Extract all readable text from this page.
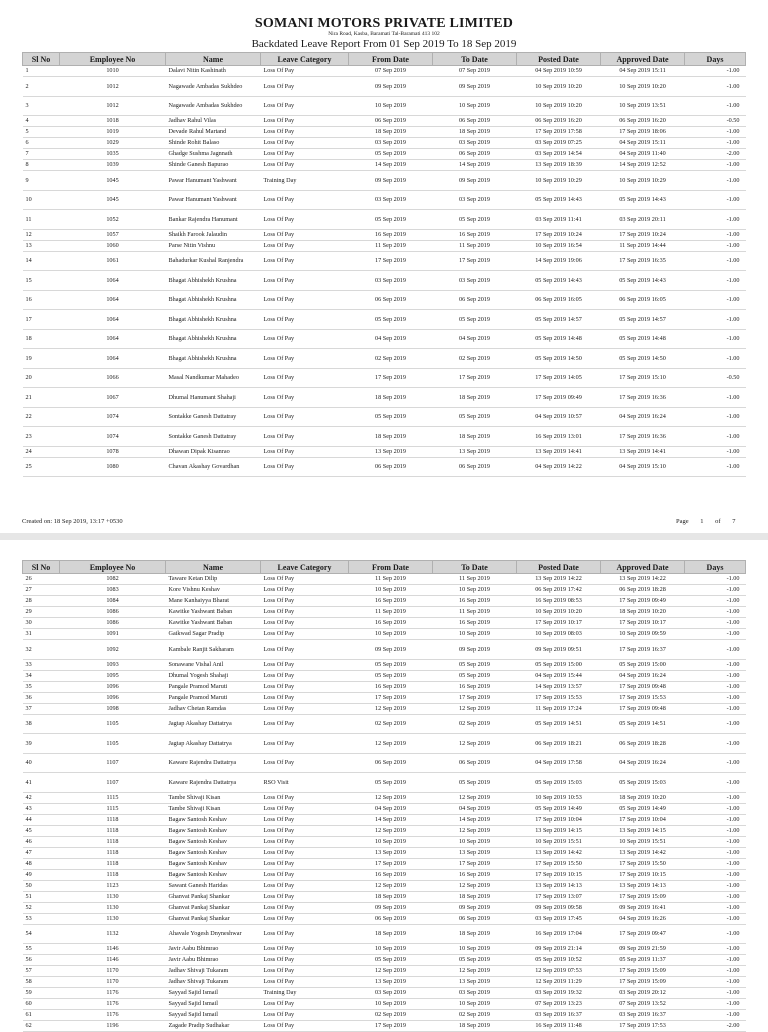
SOMANI MOTORS PRIVATE LIMITED
Nira Road, Kasba, Baramati Tal-Baramati 413 102
Backdated Leave Report From 01 Sep 2019 To 18 Sep 2019
Sl No	Employee No	Name	Leave Category	From Date	To Date	Posted Date	Approved Date	Days
1	1010	Dalavi Nitin Kashinath	Loss Of Pay	07 Sep 2019	07 Sep 2019	04 Sep 2019 10:59	04 Sep 2019 15:11	-1.00
2	1012	Nagawade Ambadas Sukhdeo	Loss Of Pay	09 Sep 2019	09 Sep 2019	10 Sep 2019 10:20	10 Sep 2019 10:20	-1.00
3	1012	Nagawade Ambadas Sukhdeo	Loss Of Pay	10 Sep 2019	10 Sep 2019	10 Sep 2019 10:20	10 Sep 2019 13:51	-1.00
4	1018	Jadhav Rahul Vilas	Loss Of Pay	06 Sep 2019	06 Sep 2019	06 Sep 2019 16:20	06 Sep 2019 16:20	-0.50
5	1019	Devade Rahul Martand	Loss Of Pay	18 Sep 2019	18 Sep 2019	17 Sep 2019 17:58	17 Sep 2019 18:06	-1.00
6	1029	Shinde Rohit Balaso	Loss Of Pay	03 Sep 2019	03 Sep 2019	03 Sep 2019 07:25	04 Sep 2019 15:11	-1.00
7	1035	Ghadge Sushma Jagnnath	Loss Of Pay	05 Sep 2019	06 Sep 2019	03 Sep 2019 14:54	04 Sep 2019 11:40	-2.00
8	1039	Shinde Ganesh Bapurao	Loss Of Pay	14 Sep 2019	14 Sep 2019	13 Sep 2019 18:39	14 Sep 2019 12:52	-1.00
9	1045	Pawar Hanumant Yashwant	Training Day	09 Sep 2019	09 Sep 2019	10 Sep 2019 10:29	10 Sep 2019 10:29	-1.00
10	1045	Pawar Hanumant Yashwant	Loss Of Pay	03 Sep 2019	03 Sep 2019	05 Sep 2019 14:43	05 Sep 2019 14:43	-1.00
11	1052	Bankar Rajendra Hanumant	Loss Of Pay	05 Sep 2019	05 Sep 2019	03 Sep 2019 11:41	03 Sep 2019 20:11	-1.00
12	1057	Shaikh Farook Jalaudin	Loss Of Pay	16 Sep 2019	16 Sep 2019	17 Sep 2019 10:24	17 Sep 2019 10:24	-1.00
13	1060	Parse Nitin Vishnu	Loss Of Pay	11 Sep 2019	11 Sep 2019	10 Sep 2019 16:54	11 Sep 2019 14:44	-1.00
14	1061	Bahadurkar Kushal Ranjendra	Loss Of Pay	17 Sep 2019	17 Sep 2019	14 Sep 2019 19:06	17 Sep 2019 16:35	-1.00
15	1064	Bhagat Abhishekh Krushna	Loss Of Pay	03 Sep 2019	03 Sep 2019	05 Sep 2019 14:43	05 Sep 2019 14:43	-1.00
16	1064	Bhagat Abhishekh Krushna	Loss Of Pay	06 Sep 2019	06 Sep 2019	06 Sep 2019 16:05	06 Sep 2019 16:05	-1.00
17	1064	Bhagat Abhishekh Krushna	Loss Of Pay	05 Sep 2019	05 Sep 2019	05 Sep 2019 14:57	05 Sep 2019 14:57	-1.00
18	1064	Bhagat Abhishekh Krushna	Loss Of Pay	04 Sep 2019	04 Sep 2019	05 Sep 2019 14:48	05 Sep 2019 14:48	-1.00
19	1064	Bhagat Abhishekh Krushna	Loss Of Pay	02 Sep 2019	02 Sep 2019	05 Sep 2019 14:50	05 Sep 2019 14:50	-1.00
20	1066	Masal Nandkumar Mahadeo	Loss Of Pay	17 Sep 2019	17 Sep 2019	17 Sep 2019 14:05	17 Sep 2019 15:10	-0.50
21	1067	Dhumal Hanumant Shahaji	Loss Of Pay	18 Sep 2019	18 Sep 2019	17 Sep 2019 09:49	17 Sep 2019 16:36	-1.00
22	1074	Sontakke Ganesh Dattatray	Loss Of Pay	05 Sep 2019	05 Sep 2019	04 Sep 2019 10:57	04 Sep 2019 16:24	-1.00
23	1074	Sontakke Ganesh Dattatray	Loss Of Pay	18 Sep 2019	18 Sep 2019	16 Sep 2019 13:01	17 Sep 2019 16:36	-1.00
24	1078	Dhawan Dipak Kisanrao	Loss Of Pay	13 Sep 2019	13 Sep 2019	13 Sep 2019 14:41	13 Sep 2019 14:41	-1.00
25	1080	Chavan Akashay Govardhan	Loss Of Pay	06 Sep 2019	06 Sep 2019	04 Sep 2019 14:22	04 Sep 2019 15:10	-1.00
Created on: 18 Sep 2019, 13:17 +0530	Page 1 of 7
Sl No	Employee No	Name	Leave Category	From Date	To Date	Posted Date	Approved Date	Days
26	1082	Taware Ketan Dilip	Loss Of Pay	11 Sep 2019	11 Sep 2019	13 Sep 2019 14:22	13 Sep 2019 14:22	-1.00
27	1083	Kore Vishnu Keshav	Loss Of Pay	10 Sep 2019	10 Sep 2019	06 Sep 2019 17:42	06 Sep 2019 18:28	-1.00
28	1084	Mane Kanhaiyya Bharat	Loss Of Pay	16 Sep 2019	16 Sep 2019	16 Sep 2019 08:53	17 Sep 2019 09:49	-1.00
29	1086	Kawitke Yashwant Baban	Loss Of Pay	11 Sep 2019	11 Sep 2019	10 Sep 2019 10:20	18 Sep 2019 10:20	-1.00
30	1086	Kawitke Yashwant Baban	Loss Of Pay	16 Sep 2019	16 Sep 2019	17 Sep 2019 10:17	17 Sep 2019 10:17	-1.00
31	1091	Gaikwad Sagar Pradip	Loss Of Pay	10 Sep 2019	10 Sep 2019	10 Sep 2019 08:03	10 Sep 2019 09:59	-1.00
32	1092	Kambale Ranjit Sakharam	Loss Of Pay	09 Sep 2019	09 Sep 2019	09 Sep 2019 09:51	17 Sep 2019 16:37	-1.00
33	1093	Sonawane Vishal Anil	Loss Of Pay	05 Sep 2019	05 Sep 2019	05 Sep 2019 15:00	05 Sep 2019 15:00	-1.00
34	1095	Dhumal Yogesh Shahaji	Loss Of Pay	05 Sep 2019	05 Sep 2019	04 Sep 2019 15:44	04 Sep 2019 16:24	-1.00
35	1096	Pangale Pramod Maruti	Loss Of Pay	16 Sep 2019	16 Sep 2019	14 Sep 2019 13:57	17 Sep 2019 09:48	-1.00
36	1096	Pangale Pramod Maruti	Loss Of Pay	17 Sep 2019	17 Sep 2019	17 Sep 2019 15:53	17 Sep 2019 15:53	-1.00
37	1098	Jadhav Chetan Ramdas	Loss Of Pay	12 Sep 2019	12 Sep 2019	11 Sep 2019 17:24	17 Sep 2019 09:48	-1.00
38	1105	Jagtap Akashay Dattatrya	Loss Of Pay	02 Sep 2019	02 Sep 2019	05 Sep 2019 14:51	05 Sep 2019 14:51	-1.00
39	1105	Jagtap Akashay Dattatrya	Loss Of Pay	12 Sep 2019	12 Sep 2019	06 Sep 2019 18:21	06 Sep 2019 18:28	-1.00
40	1107	Kaware Rajendra Dattatrya	Loss Of Pay	06 Sep 2019	06 Sep 2019	04 Sep 2019 17:58	04 Sep 2019 16:24	-1.00
41	1107	Kaware Rajendra Dattatrya	RSO Visit	05 Sep 2019	05 Sep 2019	05 Sep 2019 15:03	05 Sep 2019 15:03	-1.00
42	1115	Tambe Shivaji Kisan	Loss Of Pay	12 Sep 2019	12 Sep 2019	10 Sep 2019 10:53	18 Sep 2019 10:20	-1.00
43	1115	Tambe Shivaji Kisan	Loss Of Pay	04 Sep 2019	04 Sep 2019	05 Sep 2019 14:49	05 Sep 2019 14:49	-1.00
44	1118	Bagaw Santosh Keshav	Loss Of Pay	14 Sep 2019	14 Sep 2019	17 Sep 2019 10:04	17 Sep 2019 10:04	-1.00
45	1118	Bagaw Santosh Keshav	Loss Of Pay	12 Sep 2019	12 Sep 2019	13 Sep 2019 14:15	13 Sep 2019 14:15	-1.00
46	1118	Bagaw Santosh Keshav	Loss Of Pay	10 Sep 2019	10 Sep 2019	10 Sep 2019 15:51	10 Sep 2019 15:51	-1.00
47	1118	Bagaw Santosh Keshav	Loss Of Pay	13 Sep 2019	13 Sep 2019	13 Sep 2019 14:42	13 Sep 2019 14:42	-1.00
48	1118	Bagaw Santosh Keshav	Loss Of Pay	17 Sep 2019	17 Sep 2019	17 Sep 2019 15:50	17 Sep 2019 15:50	-1.00
49	1118	Bagaw Santosh Keshav	Loss Of Pay	16 Sep 2019	16 Sep 2019	17 Sep 2019 10:15	17 Sep 2019 10:15	-1.00
50	1123	Sawant Ganesh Haridas	Loss Of Pay	12 Sep 2019	12 Sep 2019	13 Sep 2019 14:13	13 Sep 2019 14:13	-1.00
51	1130	Ghanvat Pankaj Shankar	Loss Of Pay	18 Sep 2019	18 Sep 2019	17 Sep 2019 13:07	17 Sep 2019 15:09	-1.00
52	1130	Ghanvat Pankaj Shankar	Loss Of Pay	09 Sep 2019	09 Sep 2019	09 Sep 2019 09:58	09 Sep 2019 16:41	-1.00
53	1130	Ghanvat Pankaj Shankar	Loss Of Pay	06 Sep 2019	06 Sep 2019	03 Sep 2019 17:45	04 Sep 2019 16:26	-1.00
54	1132	Ahavale Yogesh Dnyneshwar	Loss Of Pay	18 Sep 2019	18 Sep 2019	16 Sep 2019 17:04	17 Sep 2019 09:47	-1.00
55	1146	Javir Aabu Bhimrao	Loss Of Pay	10 Sep 2019	10 Sep 2019	09 Sep 2019 21:14	09 Sep 2019 21:59	-1.00
56	1146	Javir Aabu Bhimrao	Loss Of Pay	05 Sep 2019	05 Sep 2019	05 Sep 2019 10:52	05 Sep 2019 11:37	-1.00
57	1170	Jadhav Shivaji Tukaram	Loss Of Pay	12 Sep 2019	12 Sep 2019	12 Sep 2019 07:53	17 Sep 2019 15:09	-1.00
58	1170	Jadhav Shivaji Tukaram	Loss Of Pay	13 Sep 2019	13 Sep 2019	12 Sep 2019 11:29	17 Sep 2019 15:09	-1.00
59	1176	Sayyad Sajid Ismail	Training Day	03 Sep 2019	03 Sep 2019	03 Sep 2019 19:32	03 Sep 2019 20:12	-1.00
60	1176	Sayyad Sajid Ismail	Loss Of Pay	10 Sep 2019	10 Sep 2019	07 Sep 2019 13:23	07 Sep 2019 13:52	-1.00
61	1176	Sayyad Sajid Ismail	Loss Of Pay	02 Sep 2019	02 Sep 2019	03 Sep 2019 16:37	03 Sep 2019 16:37	-1.00
62	1196	Zagade Pradip Sudhakar	Loss Of Pay	17 Sep 2019	18 Sep 2019	16 Sep 2019 11:48	17 Sep 2019 17:53	-2.00
